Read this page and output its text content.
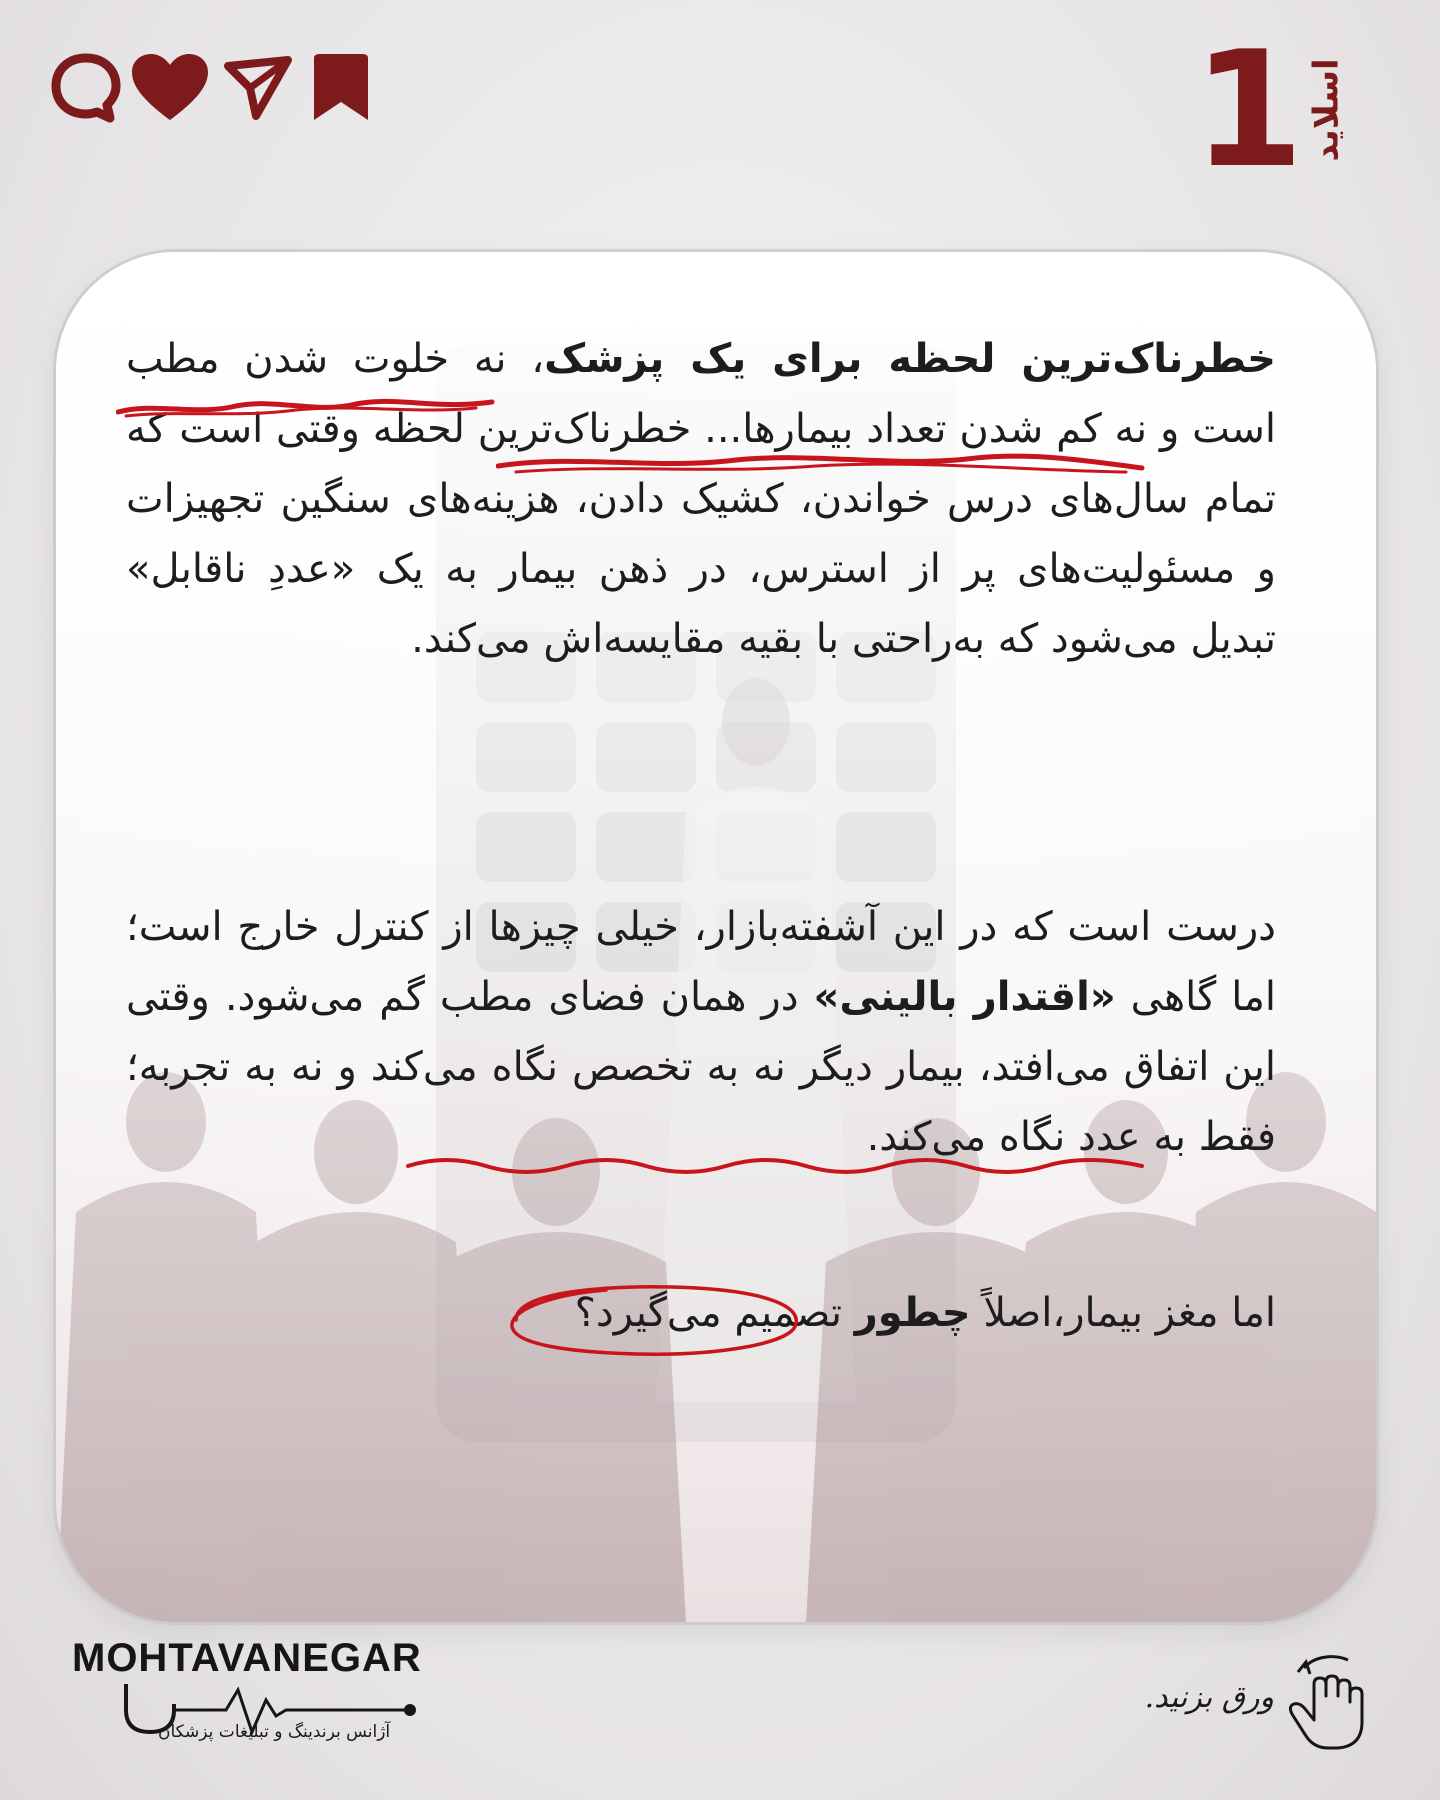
1 اسلاید
خطرناک‌ترین لحظه برای یک پزشک، نه خلوت شدن مطب است و نه کم شدن تعداد بیمارها... خطرناک‌ترین لحظه وقتی است که تمام سال‌های درس خواندن، کشیک دادن، هزینه‌های سنگین تجهیزات و مسئولیت‌های پر از استرس، در ذهن بیمار به یک «عددِ ناقابل» تبدیل می‌شود که به‌راحتی با بقیه مقایسه‌اش می‌کند.
درست است که در این آشفته‌بازار، خیلی چیزها از کنترل خارج است؛ اما گاهی «اقتدار بالینی» در همان فضای مطب گم می‌شود. وقتی این اتفاق می‌افتد، بیمار دیگر نه به تخصص نگاه می‌کند و نه به تجربه؛ فقط به عدد نگاه می‌کند.
اما مغز بیمار،اصلاً چطور تصمیم می‌گیرد؟
MOHTAVANEGAR
آژانس برندینگ و تبلیغات پزشکان
ورق بزنید.
